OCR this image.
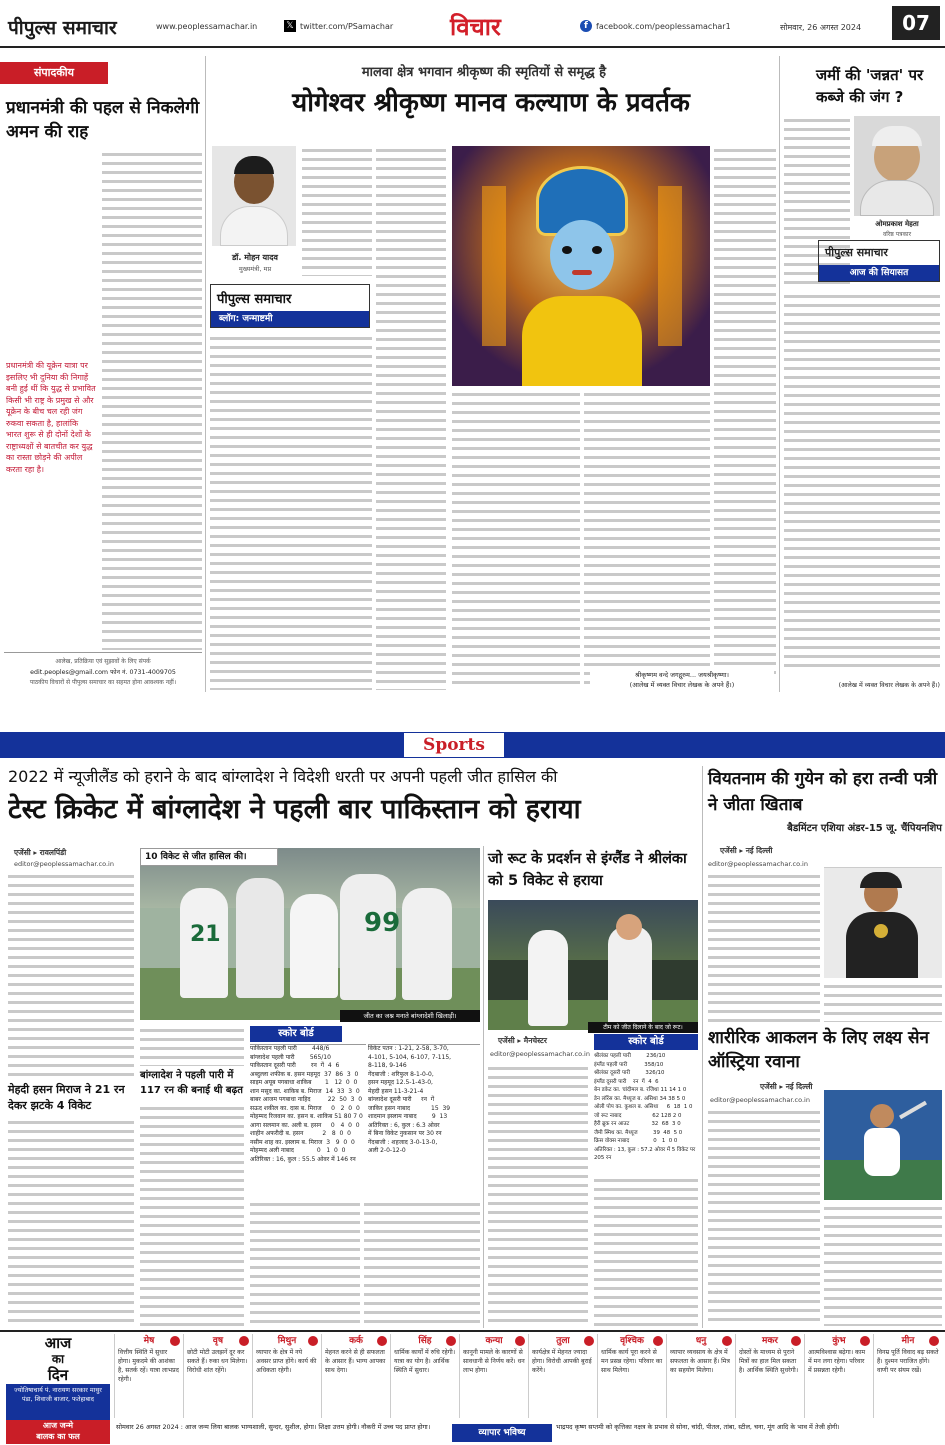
पीपुल्स समाचार	www.peoplessamachar.in	𝕏 twitter.com/PSamachar विचार	f	facebook.com/peoplessamachar1	सोमवार, 26 अगस्त 2024	07
संपादकीय
प्रधानमंत्री की पहल से निकलेगी अमन की राह
प्रधानमंत्री की यूक्रेन यात्रा पर इसलिए भी दुनिया की निगाहें बनी हुई थीं कि युद्ध से प्रभावित किसी भी राष्ट्र के प्रमुख से और यूक्रेन के बीच चल रही जंग रुकवा सकता है, हालांकि भारत शुरू से ही दोनों देशों के राष्ट्राध्यक्षों से बातचीत कर युद्ध का रास्ता छोड़ने की अपील करता रहा है।
आलेख, प्रतिक्रिया एवं सुझावों के लिए संपर्क
edit.peoples@gmail.com फोन नं. 0731-4009705
पाठकीय विचारों से पीपुल्स समाचार का सहमत होना आवश्यक नहीं।
मालवा क्षेत्र भगवान श्रीकृष्ण की स्मृतियों से समृद्ध है
योगेश्वर श्रीकृष्ण मानव कल्याण के प्रवर्तक
डॉ. मोहन यादव
मुख्यमंत्री, मप्र
पीपुल्स समाचार
ब्लॉग: जन्माष्टमी
श्रीकृष्णम वन्दे जगद्गुरुम... जयश्रीकृष्णा।
(आलेख में व्यक्त विचार लेखक के अपने हैं।)
जमीं की 'जन्नत' पर कब्जे की जंग ?
ओमप्रकाश मेहता
वरिष्ठ पत्रकार
पीपुल्स समाचार
आज की सियासत
(आलेख में व्यक्त विचार लेखक के अपने हैं।)
Sports
2022 में न्यूजीलैंड को हराने के बाद बांग्लादेश ने विदेशी धरती पर अपनी पहली जीत हासिल की
टेस्ट क्रिकेट में बांग्लादेश ने पहली बार पाकिस्तान को हराया
एजेंसी ▸ रावलपिंडी
editor@peoplessamachar.co.in
मेहदी हसन मिराज ने 21 रन देकर झटके 4 विकेट
99
21
10 विकेट से जीत हासिल की।
जीत का जश्न मनाते बांग्लादेशी खिलाड़ी।
बांग्लादेश ने पहली पारी में 117 रन की बनाई थी बढ़त
स्कोर बोर्ड
पाकिस्तान पहली पारी        448/6
बांग्लादेश पहली पारी        565/10
पाकिस्तान दूसरी पारी        रन  गें  4  6
अब्दुल्ला शफीक ब. हसन महमूद  37  86  3  0
साइम अयूब पगबाधा शाकिब       1   12  0  0
शान मसूद का. शाकिब ब. मिराज  14  33  3  0
बाबर आजम पगबाधा नाहिद         22  50  3  0
सऊद शकील का. दास ब. मिराज     0   2  0  0
मोहम्मद रिजवान का. हसन ब. शाकिब 51 80 7 0
आगा सलमान का. अली ब. हसन     0   4  0  0
शाहीन अफरीदी ब. हसन          2   8  0  0
नसीम शाह का. इस्लाम ब. मिराज  3   9  0  0
मोहम्मद अली नाबाद            0   1  0  0
अतिरिक्त : 16, कुल : 55.5 ओवर में 146 रन
विकेट पतन : 1-21, 2-58, 3-70,
4-101, 5-104, 6-107, 7-115,
8-118, 9-146
गेंदबाजी : शरिफुल 8-1-0-0,
हसन महमूद 12.5-1-43-0,
मेहदी हसन 11-3-21-4
बांग्लादेश दूसरी पारी     रन  गें
जाकिर हसन नाबाद           15  39
शादमान इस्लाम नाबाद        9  13
अतिरिक्त : 6, कुल : 6.3 ओवर
में बिना विकेट नुकसान पर 30 रन
गेंदबाजी : शहजाद 3-0-13-0,
अली 2-0-12-0
जो रूट के प्रदर्शन से इंग्लैंड ने श्रीलंका को 5 विकेट से हराया
टीम को जीत दिलाने के बाद जो रूट।
एजेंसी ▸ मैनचेस्टर
editor@peoplessamachar.co.in
स्कोर बोर्ड
श्रीलंका पहली पारी         236/10
इंग्लैंड पहली पारी          358/10
श्रीलंका दूसरी पारी         326/10
इंग्लैंड दूसरी पारी    रन  गें  4  6
बेन डकेट का. चांदीमल ब. रजिथा 11 14 1 0
डेन लॉरेंस का. मैथ्यूज ब. असिथा 34 38 5 0
ओली पोप का. कुशल ब. असिथा     6  18  1 0
जो रूट नाबाद                  62 128 2 0
हैरी ब्रुक रन आउट             32  68  3 0
जैमी स्मिथ का. मैथ्यूज         39  48  5 0
क्रिस वोक्स नाबाद              0   1  0 0
अतिरिक्त : 13, कुल : 57.2 ओवर में 5 विकेट पर
205 रन
वियतनाम की गुयेन को हरा तन्वी पत्री ने जीता खिताब
बैडमिंटन एशिया अंडर-15 जू. चैंपियनशिप
एजेंसी ▸ नई दिल्ली
editor@peoplessamachar.co.in
शारीरिक आकलन के लिए लक्ष्य सेन ऑस्ट्रिया रवाना
एजेंसी ▸ नई दिल्ली
editor@peoplessamachar.co.in
आज
का
दिन
ज्योतिषाचार्य पं. नारायण सरकार माथुर पंडा, शिवाजी बाजार, फतेहाबाद
आज जन्मे
बालक का फल
मेष
वित्तीय स्थिति में सुधार होगा। मुकदमे की आशंका है, सतर्क रहें। यात्रा लाभप्रद रहेगी।
वृष
छोटी मोटी उलझनें दूर कर सकते हैं। रुका धन मिलेगा। विरोधी शांत रहेंगे।
मिथुन
व्यापार के क्षेत्र में नये अवसर प्राप्त होंगे। कार्य की अधिकता रहेगी।
कर्क
मेहनत करने से ही सफलता के आसार हैं। भाग्य आपका साथ देगा।
सिंह
धार्मिक कार्यों में रुचि रहेगी। यात्रा का योग है। आर्थिक स्थिति में सुधार।
कन्या
कानूनी मामले के कारणों से सावधानी से निर्णय करें। धन लाभ होगा।
तुला
कार्यक्षेत्र में मेहनत ज्यादा होगा। विरोधी आपकी बुराई करेंगे।
वृश्चिक
धार्मिक कार्य पूरा करने से मन प्रसन्न रहेगा। परिवार का साथ मिलेगा।
धनु
व्यापार व्यवसाय के क्षेत्र में सफलता के आसार हैं। मित्र का सहयोग मिलेगा।
मकर
दोस्तों के माध्यम से पुराने मित्रों का हाल मिल सकता है। आर्थिक स्थिति सुधरेगी।
कुंभ
आत्मविश्वास बढ़ेगा। काम में मन लगा रहेगा। परिवार में प्रसन्नता रहेगी।
मीन
विनम्र पूर्ति विवाद बढ़ सकते हैं। दुश्मन पराजित होंगे। वाणी पर संयम रखें।
सोमवार 26 अगस्त 2024 : आज जन्म लिया बालक भाग्यशाली, सुन्दर, सुशील, होगा। शिक्षा उत्तम होगी। नौकरी में उच्च पद प्राप्त होगा।
व्यापार भविष्य
भाद्रपद कृष्ण सप्तमी को कृत्तिका नक्षत्र के प्रभाव से सोना, चांदी, पीतल, तांबा, स्टील, चना, मूंग आदि के भाव में तेजी होगी।
